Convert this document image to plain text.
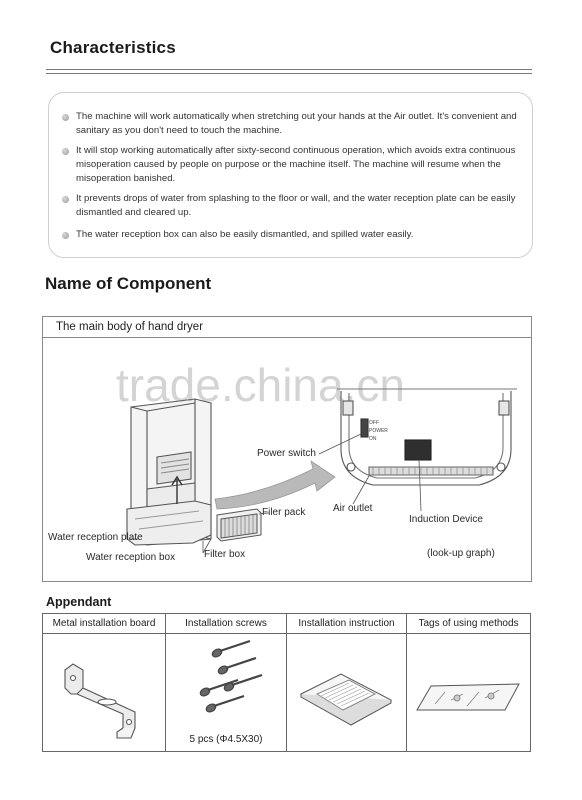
Characteristics
The machine will work automatically when stretching out your hands at the Air outlet. It's convenient and sanitary as you don't need to touch the machine.
It will stop working automatically after sixty-second continuous operation, which avoids extra continuous misoperation caused by people on purpose or the machine itself. The machine will resume when the misoperation banished.
It prevents drops of water from splashing to the floor or wall, and the water reception plate can be easily dismantled and cleared up.
The water reception box can also be easily dismantled, and spilled water easily.
Name of Component
The main body of hand dryer
OFF
POWER
ON
Power switch
Filer pack	Air outlet
Induction Device
Water reception plate
Water reception box	Filter box	(look-up graph)
trade.china.cn
Appendant
Metal installation board	Installation screws	Installation instruction	Tags of using methods

5 pcs (Φ4.5X30)
